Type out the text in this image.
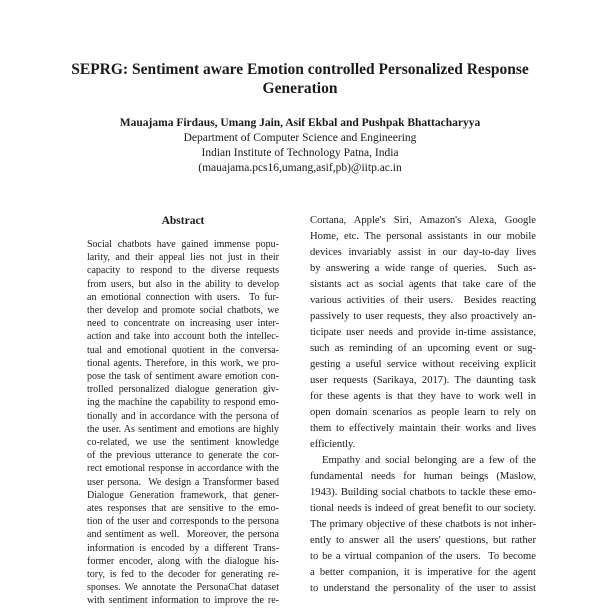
SEPRG: Sentiment aware Emotion controlled Personalized Response
Generation
Mauajama Firdaus, Umang Jain, Asif Ekbal and Pushpak Bhattacharyya
Department of Computer Science and Engineering
Indian Institute of Technology Patna, India
(mauajama.pcs16,umang,asif,pb)@iitp.ac.in
Abstract
Social chatbots have gained immense popu-
larity, and their appeal lies not just in their
capacity to respond to the diverse requests
from users, but also in the ability to develop
an emotional connection with users.  To fur-
ther develop and promote social chatbots, we
need to concentrate on increasing user inter-
action and take into account both the intellec-
tual and emotional quotient in the conversa-
tional agents. Therefore, in this work, we pro-
pose the task of sentiment aware emotion con-
trolled personalized dialogue generation giv-
ing the machine the capability to respond emo-
tionally and in accordance with the persona of
the user. As sentiment and emotions are highly
co-related, we use the sentiment knowledge
of the previous utterance to generate the cor-
rect emotional response in accordance with the
user persona.  We design a Transformer based
Dialogue Generation framework, that gener-
ates responses that are sensitive to the emo-
tion of the user and corresponds to the persona
and sentiment as well.  Moreover, the persona
information is encoded by a different Trans-
former encoder, along with the dialogue his-
tory, is fed to the decoder for generating re-
sponses. We annotate the PersonaChat dataset
with sentiment information to improve the re-
Cortana, Apple's Siri, Amazon's Alexa, Google
Home, etc. The personal assistants in our mobile
devices invariably assist in our day-to-day lives
by answering a wide range of queries.  Such as-
sistants act as social agents that take care of the
various activities of their users.  Besides reacting
passively to user requests, they also proactively an-
ticipate user needs and provide in-time assistance,
such as reminding of an upcoming event or sug-
gesting a useful service without receiving explicit
user requests (Sarikaya, 2017). The daunting task
for these agents is that they have to work well in
open domain scenarios as people learn to rely on
them to effectively maintain their works and lives
efficiently.
Empathy and social belonging are a few of the
fundamental needs for human beings (Maslow,
1943). Building social chatbots to tackle these emo-
tional needs is indeed of great benefit to our society.
The primary objective of these chatbots is not inher-
ently to answer all the users' questions, but rather
to be a virtual companion of the users.  To become
a better companion, it is imperative for the agent
to understand the personality of the user to assist
